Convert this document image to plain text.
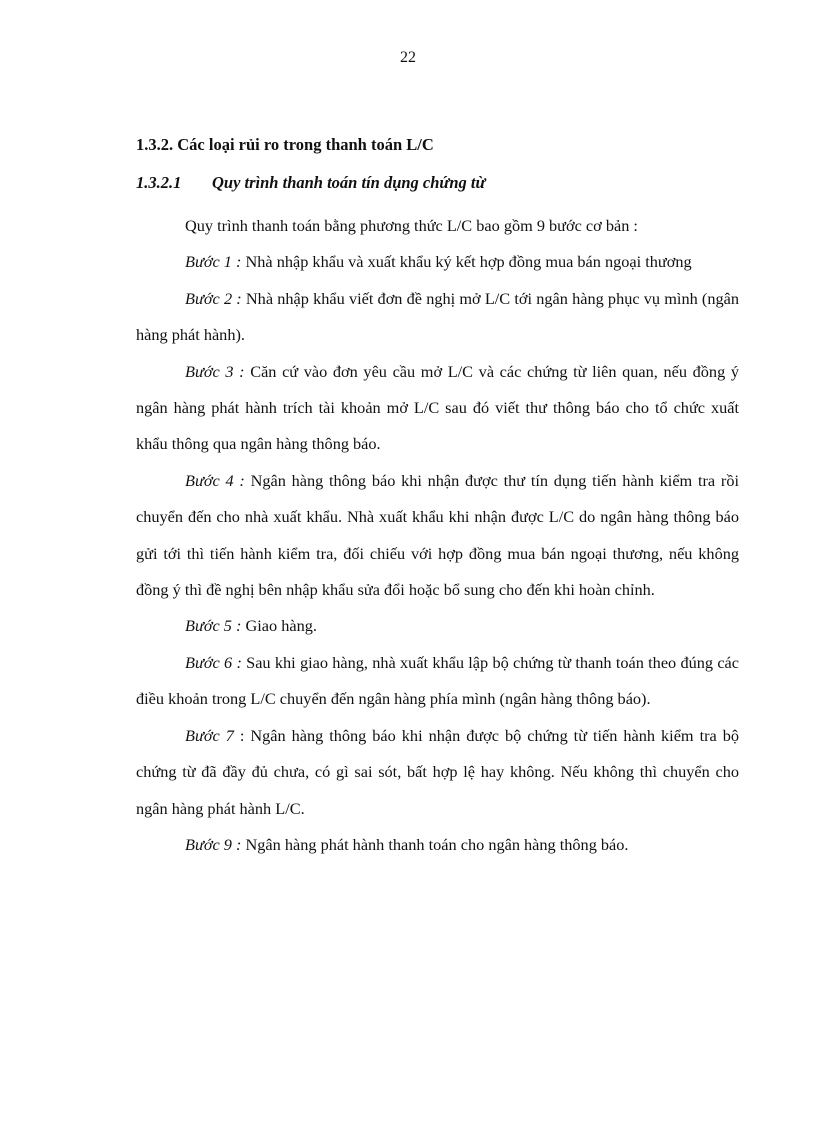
22
1.3.2. Các loại rủi ro trong thanh toán L/C
1.3.2.1 Quy trình thanh toán tín dụng chứng từ

Quy trình thanh toán bằng phương thức L/C bao gồm 9 bước cơ bản :

Bước 1 : Nhà nhập khẩu và xuất khẩu ký kết hợp đồng mua bán ngoại thương

Bước 2 : Nhà nhập khẩu viết đơn đề nghị mở L/C tới ngân hàng phục vụ mình (ngân hàng phát hành).

Bước 3 : Căn cứ vào đơn yêu cầu mở L/C và các chứng từ liên quan, nếu đồng ý ngân hàng phát hành trích tài khoản mở L/C sau đó viết thư thông báo cho tổ chức xuất khẩu thông qua ngân hàng thông báo.

Bước 4 : Ngân hàng thông báo khi nhận được thư tín dụng tiến hành kiểm tra rồi chuyển đến cho nhà xuất khẩu. Nhà xuất khẩu khi nhận được L/C do ngân hàng thông báo gửi tới thì tiến hành kiểm tra, đối chiếu với hợp đồng mua bán ngoại thương, nếu không đồng ý thì đề nghị bên nhập khẩu sửa đổi hoặc bổ sung cho đến khi hoàn chỉnh.

Bước 5 : Giao hàng.

Bước 6 : Sau khi giao hàng, nhà xuất khẩu lập bộ chứng từ thanh toán theo đúng các điều khoản trong L/C chuyển đến ngân hàng phía mình (ngân hàng thông báo).

Bước 7 : Ngân hàng thông báo khi nhận được bộ chứng từ tiến hành kiểm tra bộ chứng từ đã đầy đủ chưa, có gì sai sót, bất hợp lệ hay không. Nếu không thì chuyển cho ngân hàng phát hành L/C.

Bước 9 : Ngân hàng phát hành thanh toán cho ngân hàng thông báo.
